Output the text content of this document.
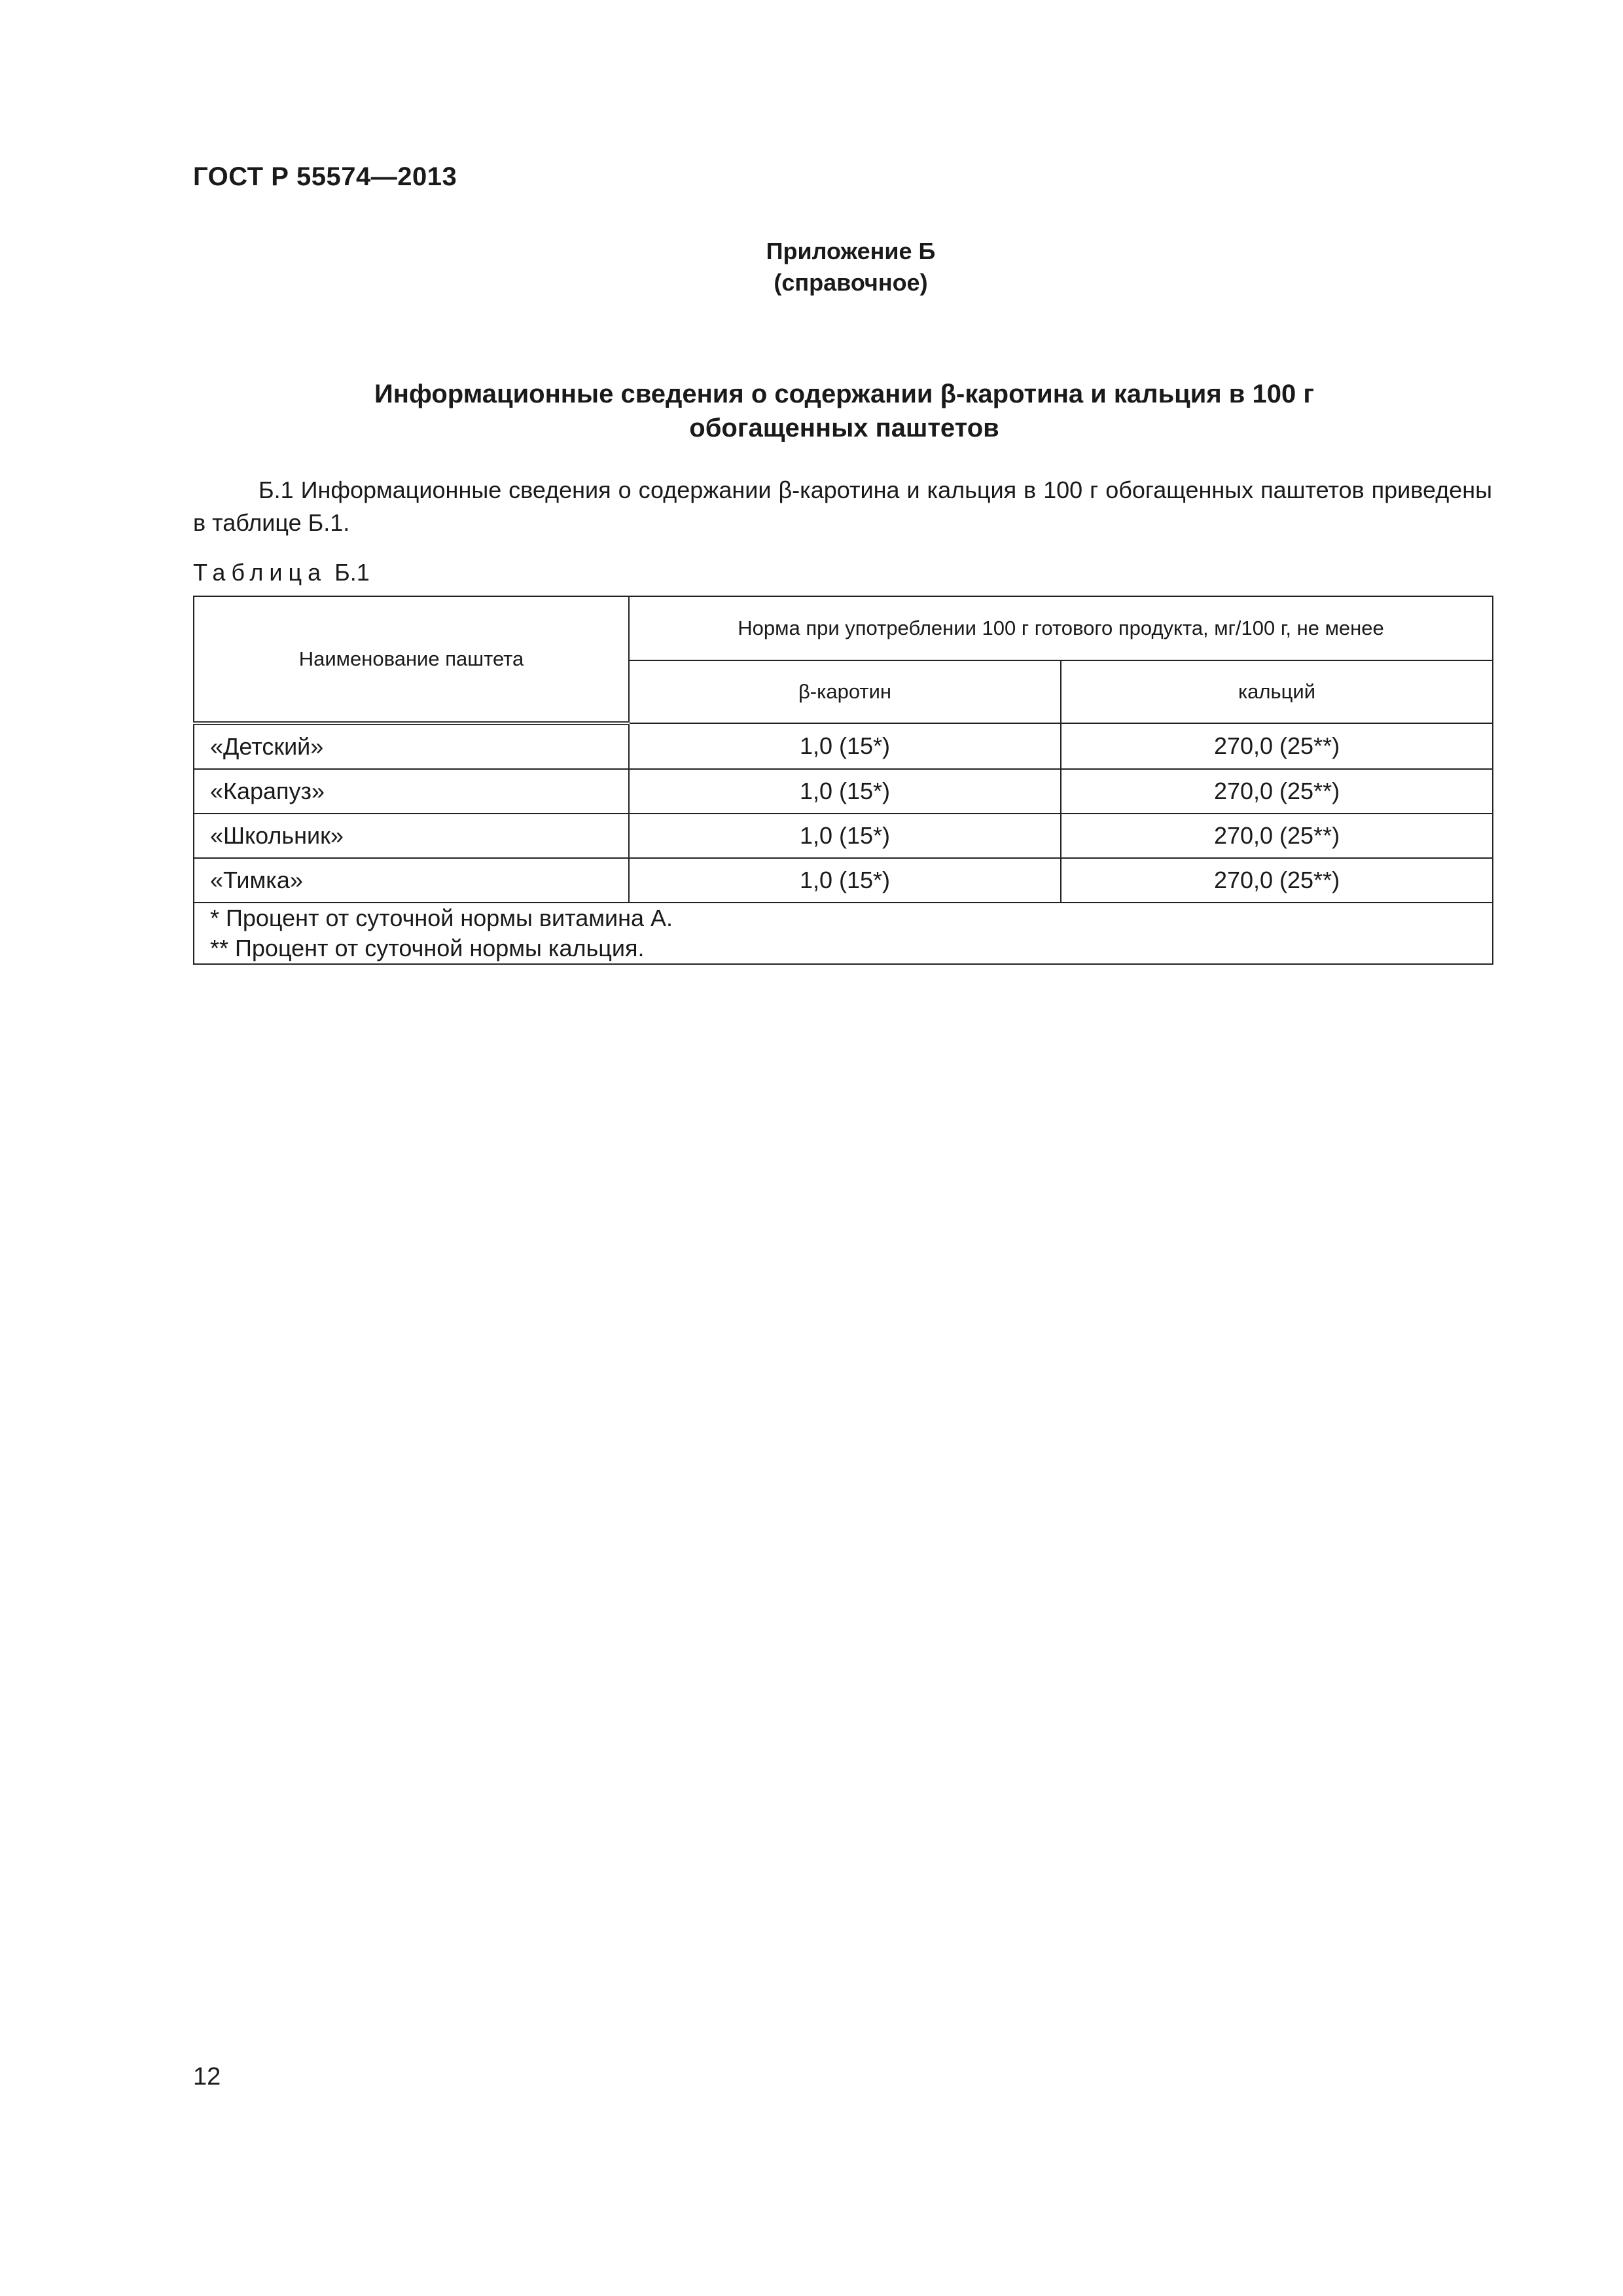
ГОСТ Р 55574—2013
Приложение Б
(справочное)
Информационные сведения о содержании β-каротина и кальция в 100 г
обогащенных паштетов
Б.1 Информационные сведения о содержании β-каротина и кальция в 100 г обогащенных паштетов приведены в таблице Б.1.
Таблица Б.1
Наименование паштета	Норма при употреблении 100 г готового продукта, мг/100 г, не менее	
	β-каротин	кальций
«Детский»	1,0 (15*)	270,0 (25**)
«Карапуз»	1,0 (15*)	270,0 (25**)
«Школьник»	1,0 (15*)	270,0 (25**)
«Тимка»	1,0 (15*)	270,0 (25**)

* Процент от суточной нормы витамина А.
** Процент от суточной нормы кальция.		
12
